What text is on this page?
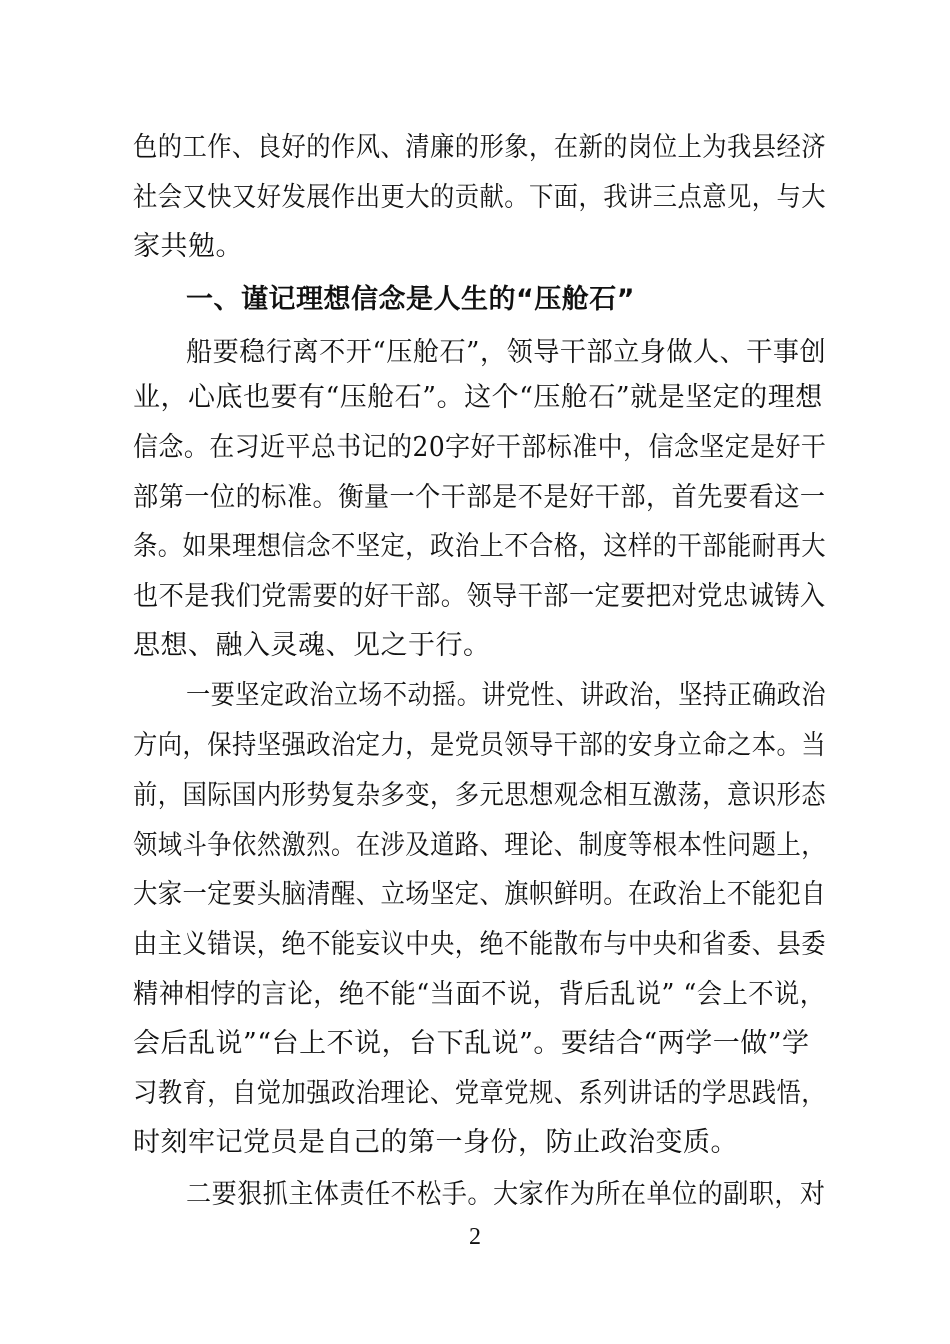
色的工作、良好的作风、清廉的形象，在新的岗位上为我县经济
社会又快又好发展作出更大的贡献。下面，我讲三点意见，与大
家共勉。
一、谨记理想信念是人生的“压舱石”
船要稳行离不开“压舱石”，领导干部立身做人、干事创
业，心底也要有“压舱石”。这个“压舱石”就是坚定的理想
信念。在习近平总书记的20字好干部标准中，信念坚定是好干
部第一位的标准。衡量一个干部是不是好干部，首先要看这一
条。如果理想信念不坚定，政治上不合格，这样的干部能耐再大
也不是我们党需要的好干部。领导干部一定要把对党忠诚铸入
思想、融入灵魂、见之于行。
一要坚定政治立场不动摇。讲党性、讲政治，坚持正确政治
方向，保持坚强政治定力，是党员领导干部的安身立命之本。当
前，国际国内形势复杂多变，多元思想观念相互激荡，意识形态
领域斗争依然激烈。在涉及道路、理论、制度等根本性问题上，
大家一定要头脑清醒、立场坚定、旗帜鲜明。在政治上不能犯自
由主义错误，绝不能妄议中央，绝不能散布与中央和省委、县委
精神相悖的言论，绝不能“当面不说，背后乱说” “会上不说，
会后乱说”“台上不说，台下乱说”。要结合“两学一做”学
习教育，自觉加强政治理论、党章党规、系列讲话的学思践悟，
时刻牢记党员是自己的第一身份，防止政治变质。
二要狠抓主体责任不松手。大家作为所在单位的副职，对
2
